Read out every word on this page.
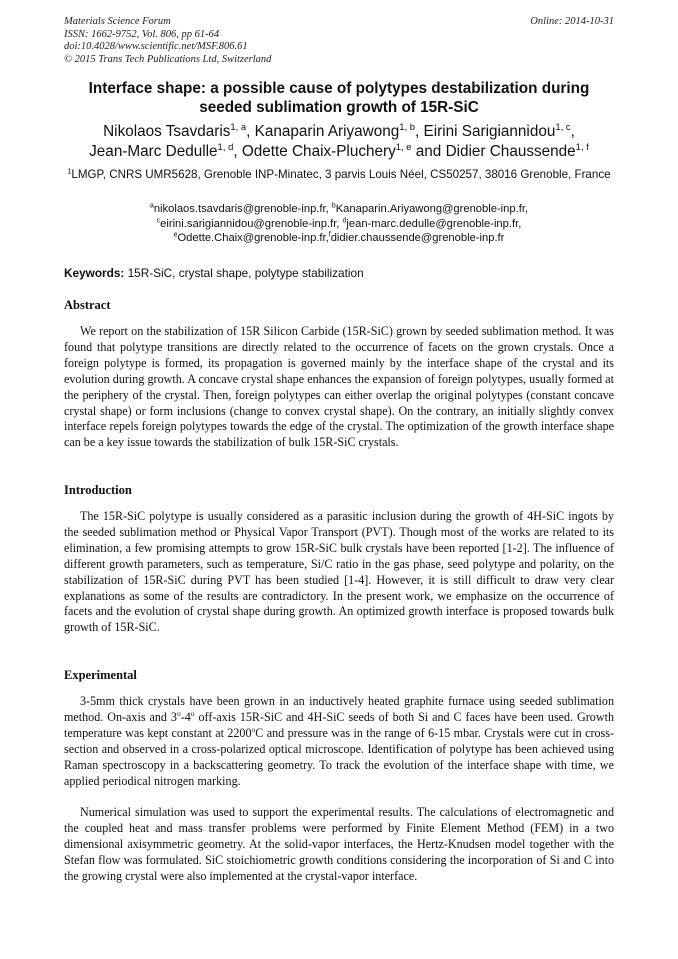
Materials Science Forum
ISSN: 1662-9752, Vol. 806, pp 61-64
doi:10.4028/www.scientific.net/MSF.806.61
© 2015 Trans Tech Publications Ltd, Switzerland
Online: 2014-10-31
Interface shape: a possible cause of polytypes destabilization during
seeded sublimation growth of 15R-SiC
Nikolaos Tsavdaris$^{1, a}$, Kanaparin Ariyawong$^{1, b}$, Eirini Sarigiannidou$^{1, c}$,
Jean-Marc Dedulle$^{1, d}$, Odette Chaix-Pluchery$^{1, e}$ and Didier Chaussende$^{1, f}$
$^1$LMGP, CNRS UMR5628, Grenoble INP-Minatec, 3 parvis Louis Néel, CS50257, 38016 Grenoble, France
$^a$nikolaos.tsavdaris@grenoble-inp.fr, $^b$Kanaparin.Ariyawong@grenoble-inp.fr,
$^c$eirini.sarigiannidou@grenoble-inp.fr, $^d$jean-marc.dedulle@grenoble-inp.fr,
$^e$Odette.Chaix@grenoble-inp.fr,$^f$didier.chaussende@grenoble-inp.fr
Keywords: 15R-SiC, crystal shape, polytype stabilization
Abstract

We report on the stabilization of 15R Silicon Carbide (15R-SiC) grown by seeded sublimation method. It was found that polytype transitions are directly related to the occurrence of facets on the grown crystals. Once a foreign polytype is formed, its propagation is governed mainly by the interface shape of the crystal and its evolution during growth. A concave crystal shape enhances the expansion of foreign polytypes, usually formed at the periphery of the crystal. Then, foreign polytypes can either overlap the original polytypes (constant concave crystal shape) or form inclusions (change to convex crystal shape). On the contrary, an initially slightly convex interface repels foreign polytypes towards the edge of the crystal. The optimization of the growth interface shape can be a key issue towards the stabilization of bulk 15R-SiC crystals.

Introduction

The 15R-SiC polytype is usually considered as a parasitic inclusion during the growth of 4H-SiC ingots by the seeded sublimation method or Physical Vapor Transport (PVT). Though most of the works are related to its elimination, a few promising attempts to grow 15R-SiC bulk crystals have been reported [1-2]. The influence of different growth parameters, such as temperature, Si/C ratio in the gas phase, seed polytype and polarity, on the stabilization of 15R-SiC during PVT has been studied [1-4]. However, it is still difficult to draw very clear explanations as some of the results are contradictory. In the present work, we emphasize on the occurrence of facets and the evolution of crystal shape during growth. An optimized growth interface is proposed towards bulk growth of 15R-SiC.

Experimental

3-5mm thick crystals have been grown in an inductively heated graphite furnace using seeded sublimation method. On-axis and 3$^o$-4$^o$ off-axis 15R-SiC and 4H-SiC seeds of both Si and C faces have been used. Growth temperature was kept constant at 2200$^o$C and pressure was in the range of 6-15 mbar. Crystals were cut in cross-section and observed in a cross-polarized optical microscope. Identification of polytype has been achieved using Raman spectroscopy in a backscattering geometry. To track the evolution of the interface shape with time, we applied periodical nitrogen marking.

Numerical simulation was used to support the experimental results. The calculations of electromagnetic and the coupled heat and mass transfer problems were performed by Finite Element Method (FEM) in a two dimensional axisymmetric geometry. At the solid-vapor interfaces, the Hertz-Knudsen model together with the Stefan flow was formulated. SiC stoichiometric growth conditions considering the incorporation of Si and C into the growing crystal were also implemented at the crystal-vapor interface.
